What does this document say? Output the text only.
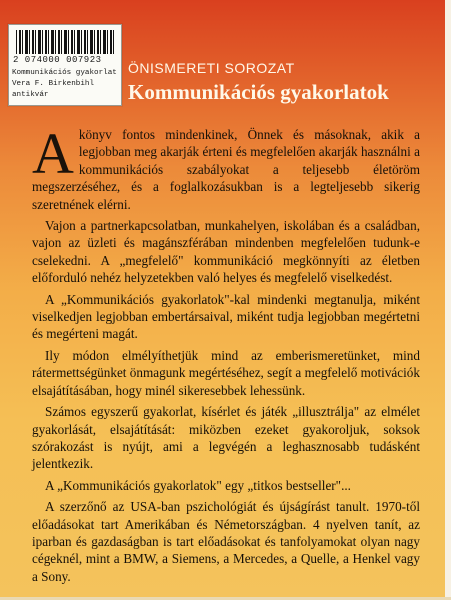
2 074000 007923
Kommunikációs gyakorlat
Vera F. Birkenbihl
antikvár
ÖNISMERETI SOROZAT
Kommunikációs gyakorlatok

A könyv fontos mindenkinek, Önnek és másoknak, akik a legjobban meg akarják érteni és megfelelően akarják használni a kommunikációs szabályokat a teljesebb életöröm megszerzéséhez, és a foglalkozásukban is a legteljesebb sikerig szeretnének elérni.

Vajon a partnerkapcsolatban, munkahelyen, iskolában és a családban, vajon az üzleti és magánszférában mindenben megfelelően tudunk-e cselekedni. A „megfelelő" kommunikáció megkönnyíti az életben előforduló nehéz helyzetekben való helyes és megfelelő viselkedést.

A „Kommunikációs gyakorlatok"-kal mindenki megtanulja, miként viselkedjen legjobban embertársaival, miként tudja legjobban megértetni és megérteni magát.

Ily módon elmélyíthetjük mind az emberismeretünket, mind rátermettségünket önmagunk megértéséhez, segít a megfelelő motivációk elsajátításában, hogy minél sikeresebbek lehessünk.

Számos egyszerű gyakorlat, kísérlet és játék „illusztrálja" az elmélet gyakorlását, elsajátítását: miközben ezeket gyakoroljuk, soksok szórakozást is nyújt, ami a legvégén a leghasznosabb tudásként jelentkezik.

A „Kommunikációs gyakorlatok" egy „titkos bestseller"...

A szerzőnő az USA-ban pszichológiát és újságírást tanult. 1970-től előadásokat tart Amerikában és Németországban. 4 nyelven tanít, az iparban és gazdaságban is tart előadásokat és tanfolyamokat olyan nagy cégeknél, mint a BMW, a Siemens, a Mercedes, a Quelle, a Henkel vagy a Sony.
